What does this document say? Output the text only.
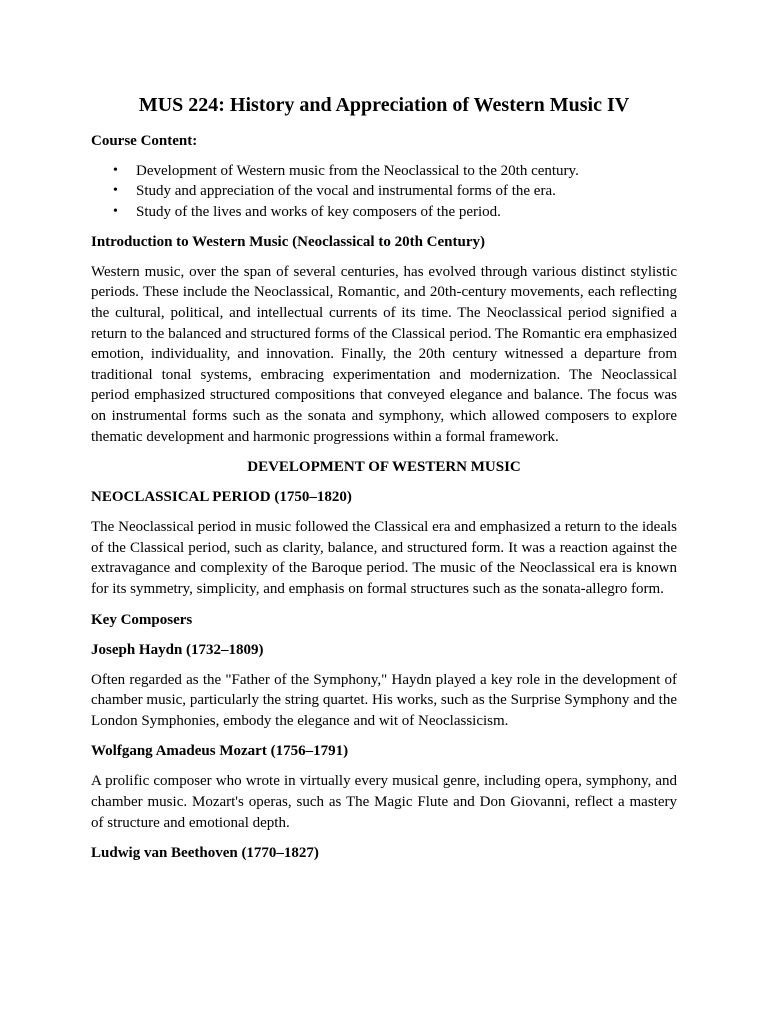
MUS 224: History and Appreciation of Western Music IV
Course Content:
• Development of Western music from the Neoclassical to the 20th century.
• Study and appreciation of the vocal and instrumental forms of the era.
• Study of the lives and works of key composers of the period.
Introduction to Western Music (Neoclassical to 20th Century)

Western music, over the span of several centuries, has evolved through various distinct stylistic periods. These include the Neoclassical, Romantic, and 20th-century movements, each reflecting the cultural, political, and intellectual currents of its time. The Neoclassical period signified a return to the balanced and structured forms of the Classical period. The Romantic era emphasized emotion, individuality, and innovation. Finally, the 20th century witnessed a departure from traditional tonal systems, embracing experimentation and modernization. The Neoclassical period emphasized structured compositions that conveyed elegance and balance. The focus was on instrumental forms such as the sonata and symphony, which allowed composers to explore thematic development and harmonic progressions within a formal framework.

DEVELOPMENT OF WESTERN MUSIC
NEOCLASSICAL PERIOD (1750–1820)

The Neoclassical period in music followed the Classical era and emphasized a return to the ideals of the Classical period, such as clarity, balance, and structured form. It was a reaction against the extravagance and complexity of the Baroque period. The music of the Neoclassical era is known for its symmetry, simplicity, and emphasis on formal structures such as the sonata-allegro form.

Key Composers
Joseph Haydn (1732–1809)

Often regarded as the "Father of the Symphony," Haydn played a key role in the development of chamber music, particularly the string quartet. His works, such as the Surprise Symphony and the London Symphonies, embody the elegance and wit of Neoclassicism.

Wolfgang Amadeus Mozart (1756–1791)

A prolific composer who wrote in virtually every musical genre, including opera, symphony, and chamber music. Mozart's operas, such as The Magic Flute and Don Giovanni, reflect a mastery of structure and emotional depth.

Ludwig van Beethoven (1770–1827)
